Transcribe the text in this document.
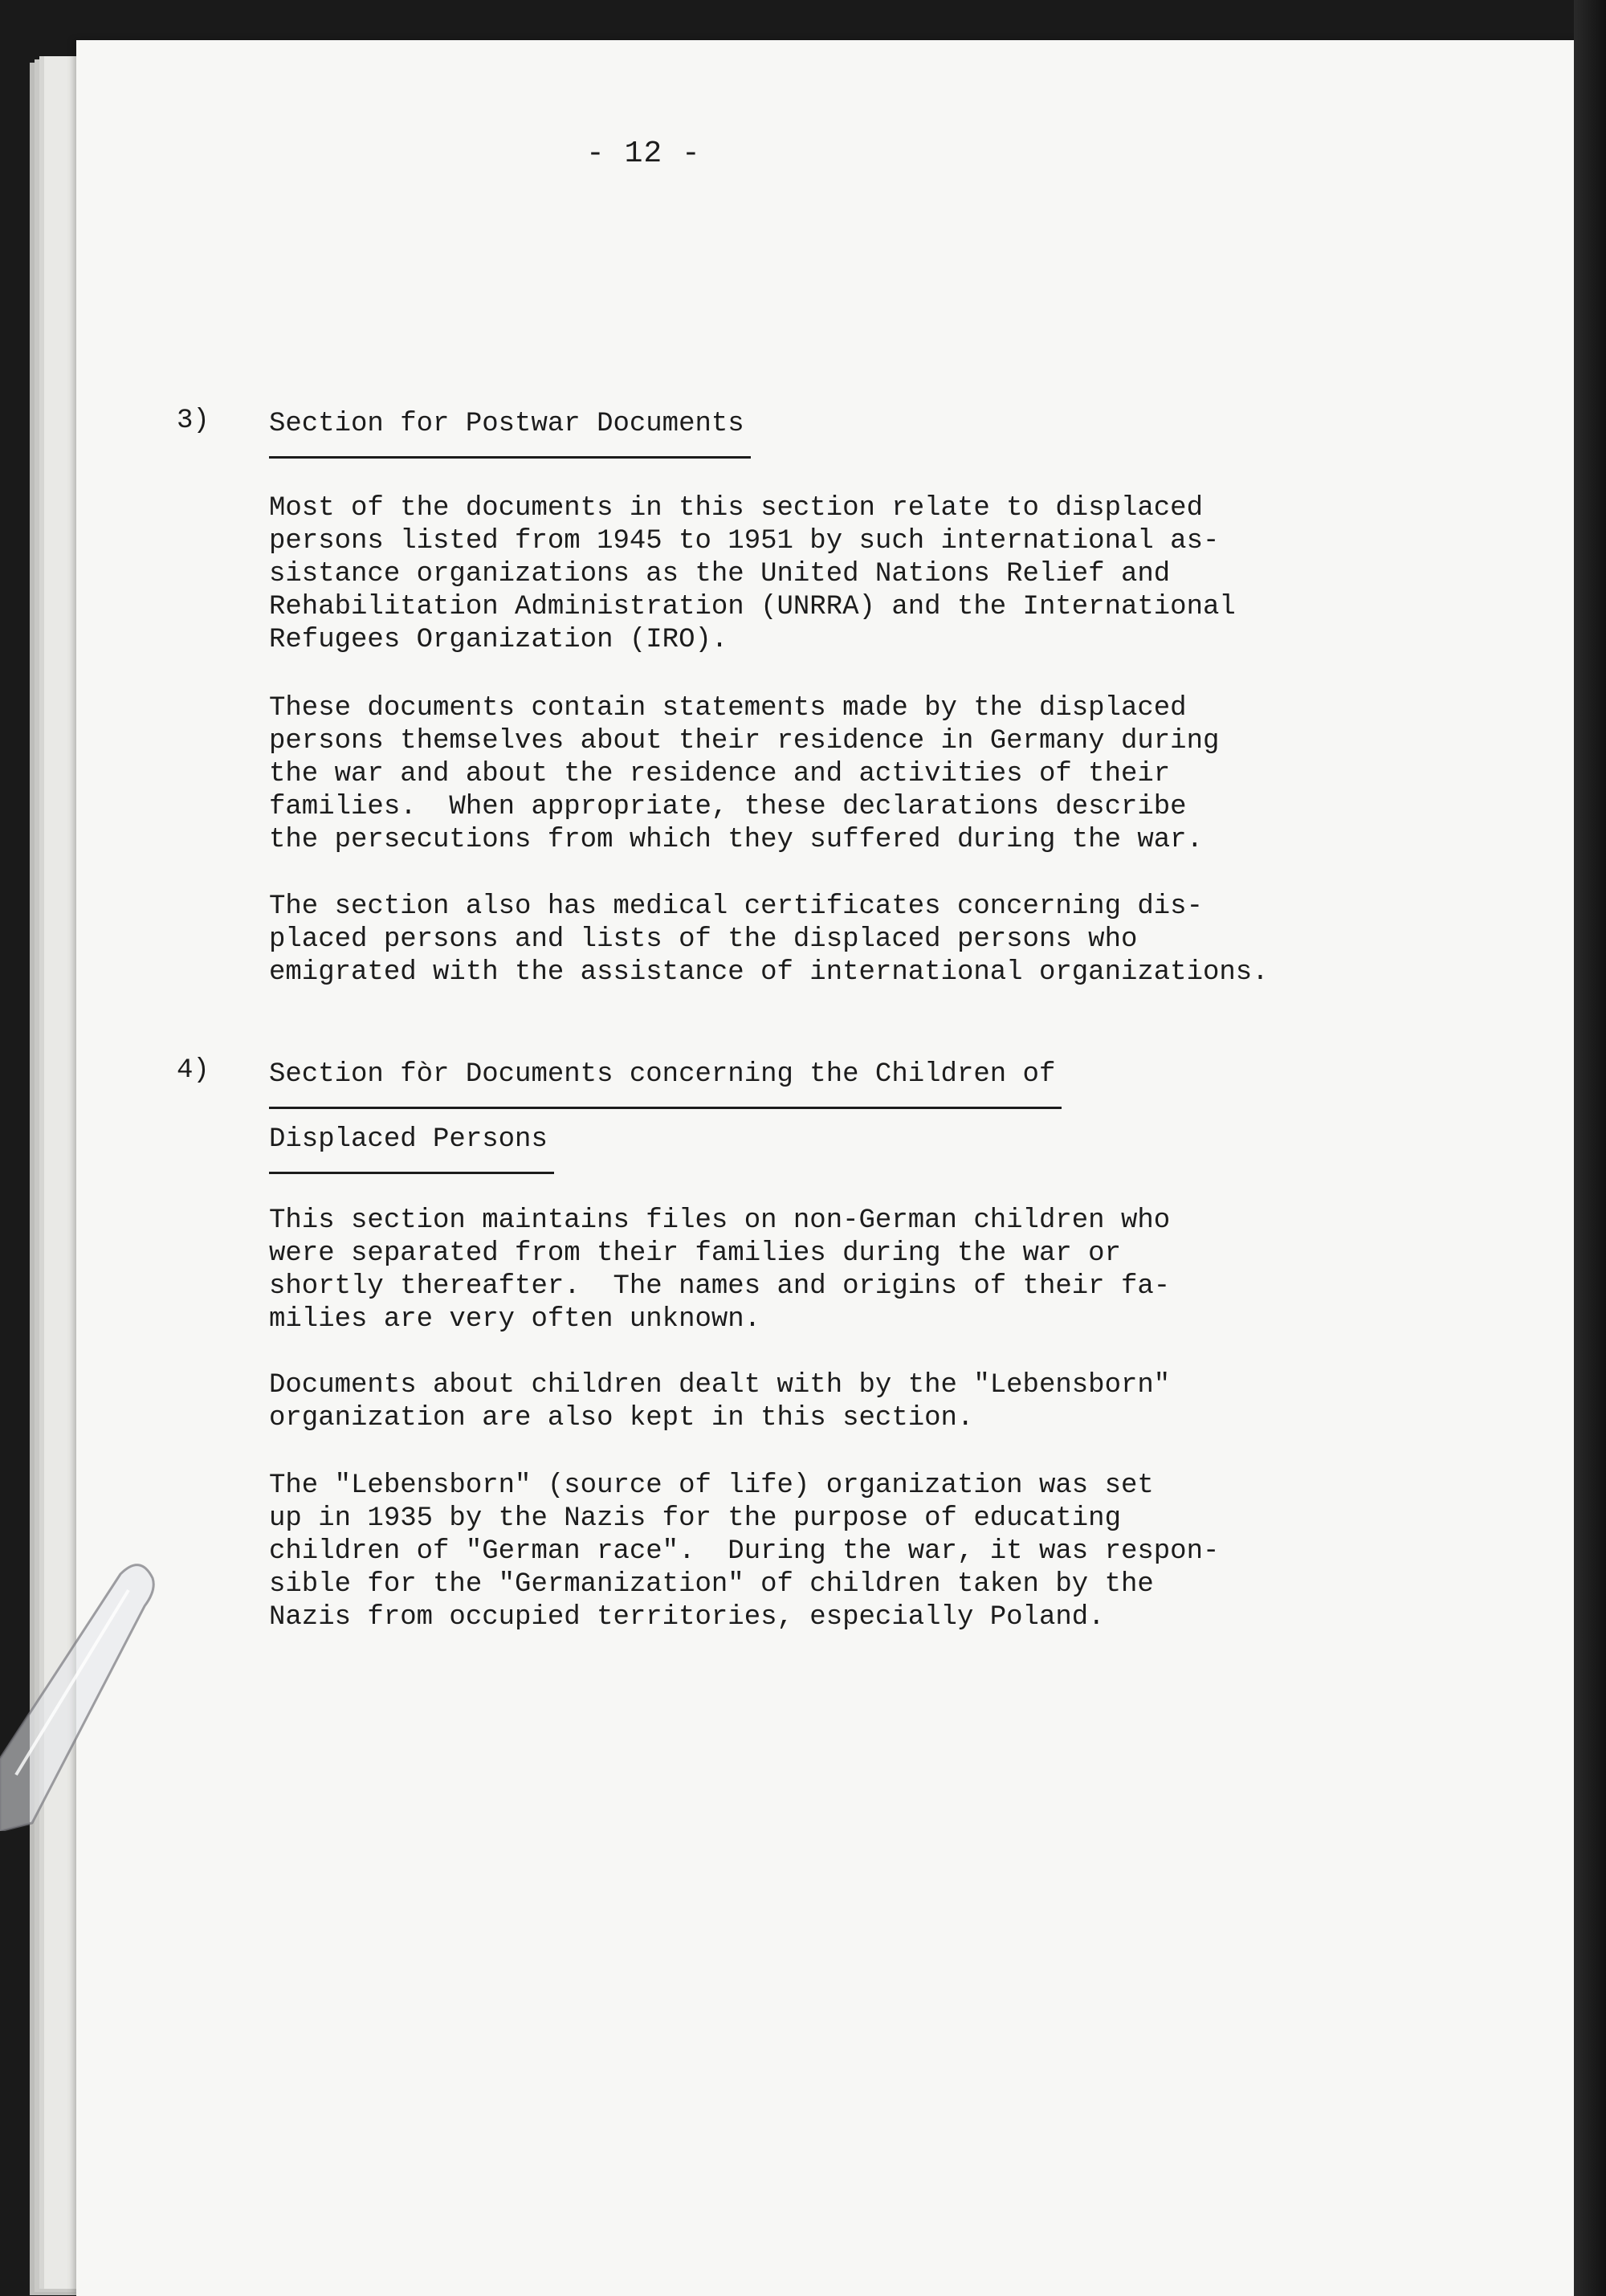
- 12 -
3) Section for Postwar Documents

Most of the documents in this section relate to displaced
persons listed from 1945 to 1951 by such international as-
sistance organizations as the United Nations Relief and
Rehabilitation Administration (UNRRA) and the International
Refugees Organization (IRO).

These documents contain statements made by the displaced
persons themselves about their residence in Germany during
the war and about the residence and activities of their
families.  When appropriate, these declarations describe
the persecutions from which they suffered during the war.

The section also has medical certificates concerning dis-
placed persons and lists of the displaced persons who
emigrated with the assistance of international organizations.

4) Section fòr Documents concerning the Children of
Displaced Persons

This section maintains files on non-German children who
were separated from their families during the war or
shortly thereafter.  The names and origins of their fa-
milies are very often unknown.

Documents about children dealt with by the "Lebensborn"
organization are also kept in this section.

The "Lebensborn" (source of life) organization was set
up in 1935 by the Nazis for the purpose of educating
children of "German race".  During the war, it was respon-
sible for the "Germanization" of children taken by the
Nazis from occupied territories, especially Poland.
